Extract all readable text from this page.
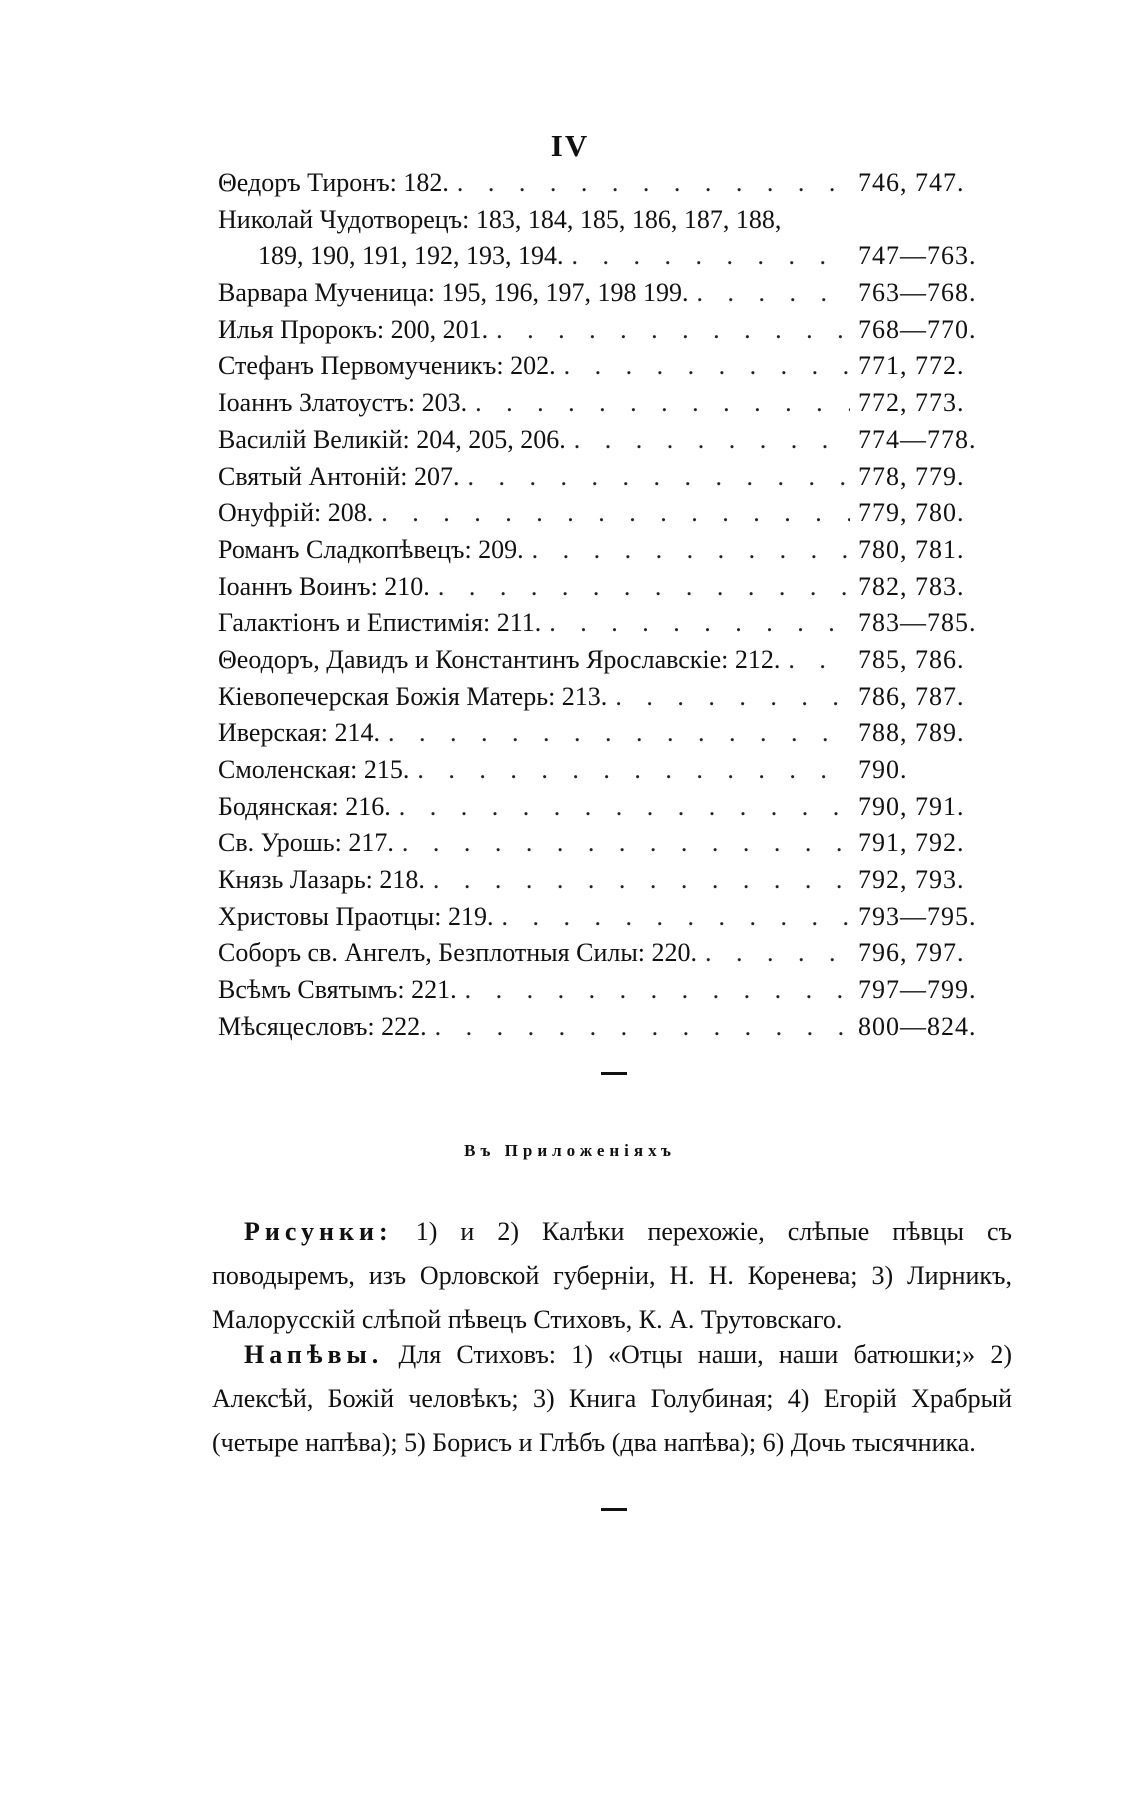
IV
Θедоръ Тиронъ: 182. . . .	746, 747.
Николай Чудотворецъ: 183, 184, 185, 186, 187, 188,
189, 190, 191, 192, 193, 194. . . .	747—763.
Варвара Мученица: 195, 196, 197, 198 199. . . .	763—768.
Илья Пророкъ: 200, 201. . . .	768—770.
Стефанъ Первомученикъ: 202. . . .	771, 772.
Іоаннъ Златоустъ: 203. . . .	772, 773.
Василій Великій: 204, 205, 206. . . .	774—778.
Святый Антоній: 207. . . .	778, 779.
Онуфрій: 208. . . .	779, 780.
Романъ Сладкопѣвецъ: 209. . . .	780, 781.
Іоаннъ Воинъ: 210. . . .	782, 783.
Галактіонъ и Епистимія: 211. . . .	783—785.
Θеодоръ, Давидъ и Константинъ Ярославскіе: 212. . . .	785, 786.
Кіевопечерская Божія Матерь: 213. . . .	786, 787.
Иверская: 214. . . .	788, 789.
Смоленская: 215. . . .	790.
Бодянская: 216. . . .	790, 791.
Св. Урошь: 217. . . .	791, 792.
Князь Лазарь: 218. . . .	792, 793.
Христовы Праотцы: 219. . . .	793—795.
Соборъ св. Ангелъ, Безплотныя Силы: 220. . . .	796, 797.
Всѣмъ Святымъ: 221. . . .	797—799.
Мѣсяцесловъ: 222. . . .	800—824.
Въ Приложеніяхъ
Рисунки: 1) и 2) Калѣки перехожіе, слѣпые пѣвцы съ поводыремъ, изъ Орловской губерніи, Н. Н. Коренева; 3) Лирникъ, Малорусскій слѣпой пѣвецъ Стиховъ, К. А. Трутовскаго.
Напѣвы. Для Стиховъ: 1) «Отцы наши, наши батюшки;» 2) Алексѣй, Божій человѣкъ; 3) Книга Голубиная; 4) Егорій Храбрый (четыре напѣва); 5) Борисъ и Глѣбъ (два напѣва); 6) Дочь тысячника.
